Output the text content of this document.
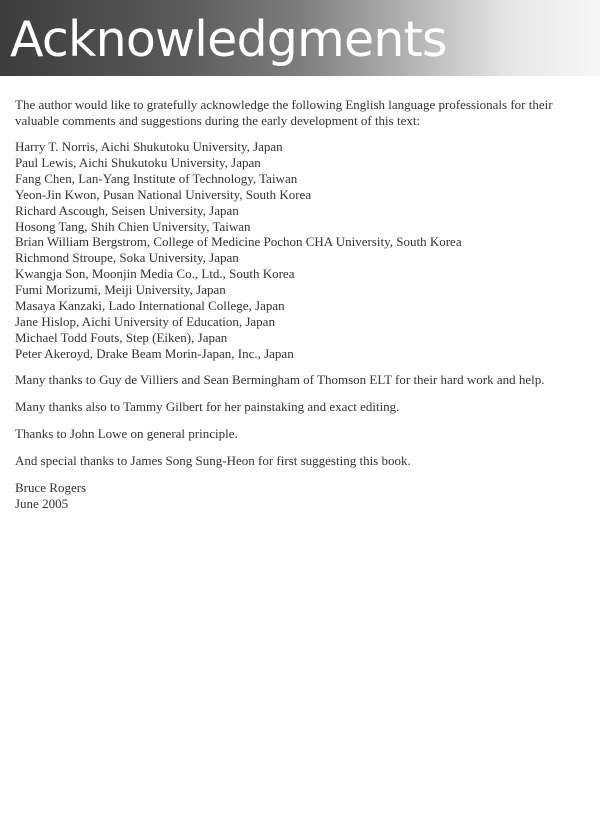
Acknowledgments

The author would like to gratefully acknowledge the following English language professionals for their valuable comments and suggestions during the early development of this text:

Harry T. Norris, Aichi Shukutoku University, Japan
Paul Lewis, Aichi Shukutoku University, Japan
Fang Chen, Lan-Yang Institute of Technology, Taiwan
Yeon-Jin Kwon, Pusan National University, South Korea
Richard Ascough, Seisen University, Japan
Hosong Tang, Shih Chien University, Taiwan
Brian William Bergstrom, College of Medicine Pochon CHA University, South Korea
Richmond Stroupe, Soka University, Japan
Kwangja Son, Moonjin Media Co., Ltd., South Korea
Fumi Morizumi, Meiji University, Japan
Masaya Kanzaki, Lado International College, Japan
Jane Hislop, Aichi University of Education, Japan
Michael Todd Fouts, Step (Eiken), Japan
Peter Akeroyd, Drake Beam Morin-Japan, Inc., Japan

Many thanks to Guy de Villiers and Sean Bermingham of Thomson ELT for their hard work and help.

Many thanks also to Tammy Gilbert for her painstaking and exact editing.

Thanks to John Lowe on general principle.

And special thanks to James Song Sung-Heon for first suggesting this book.

Bruce Rogers

June 2005
